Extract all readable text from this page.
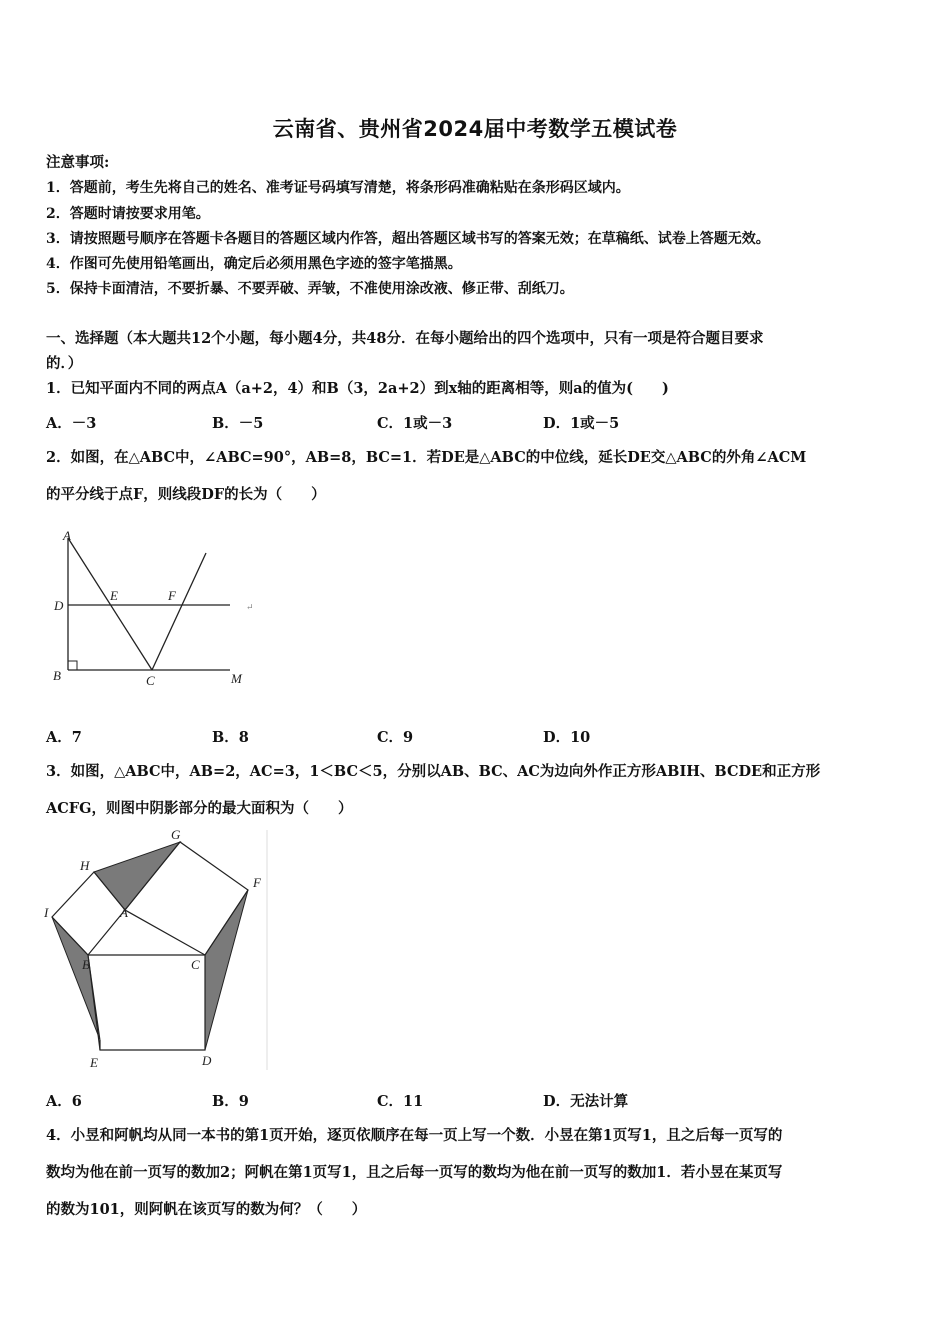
云南省、贵州省2024届中考数学五模试卷
注意事项:
1．答题前，考生先将自己的姓名、准考证号码填写清楚，将条形码准确粘贴在条形码区域内。
2．答题时请按要求用笔。
3．请按照题号顺序在答题卡各题目的答题区域内作答，超出答题区域书写的答案无效；在草稿纸、试卷上答题无效。
4．作图可先使用铅笔画出，确定后必须用黑色字迹的签字笔描黑。
5．保持卡面清洁，不要折暴、不要弄破、弄皱，不准使用涂改液、修正带、刮纸刀。
一、选择题（本大题共12个小题，每小题4分，共48分．在每小题给出的四个选项中，只有一项是符合题目要求
的．）
1．已知平面内不同的两点A（a+2，4）和B（3，2a+2）到x轴的距离相等，则a的值为(　　)
A．－3	B．－5	C．1或－3	D．1或－5
2．如图，在△ABC中，∠ABC=90°，AB=8，BC=1．若DE是△ABC的中位线，延长DE交△ABC的外角∠ACM
的平分线于点F，则线段DF的长为（　　）
A
D
B
E	F
C	M
↵
A．7	B．8	C．9	D．10
3．如图，△ABC中，AB=2，AC=3，1＜BC＜5，分别以AB、BC、AC为边向外作正方形ABIH、BCDE和正方形
ACFG，则图中阴影部分的最大面积为（　　）
G
H
F
I	A
B	C
E	D
A．6	B．9	C．11	D．无法计算
4．小昱和阿帆均从同一本书的第1页开始，逐页依顺序在每一页上写一个数．小昱在第1页写1，且之后每一页写的
数均为他在前一页写的数加2；阿帆在第1页写1，且之后每一页写的数均为他在前一页写的数加1．若小昱在某页写
的数为101，则阿帆在该页写的数为何？（　　）
